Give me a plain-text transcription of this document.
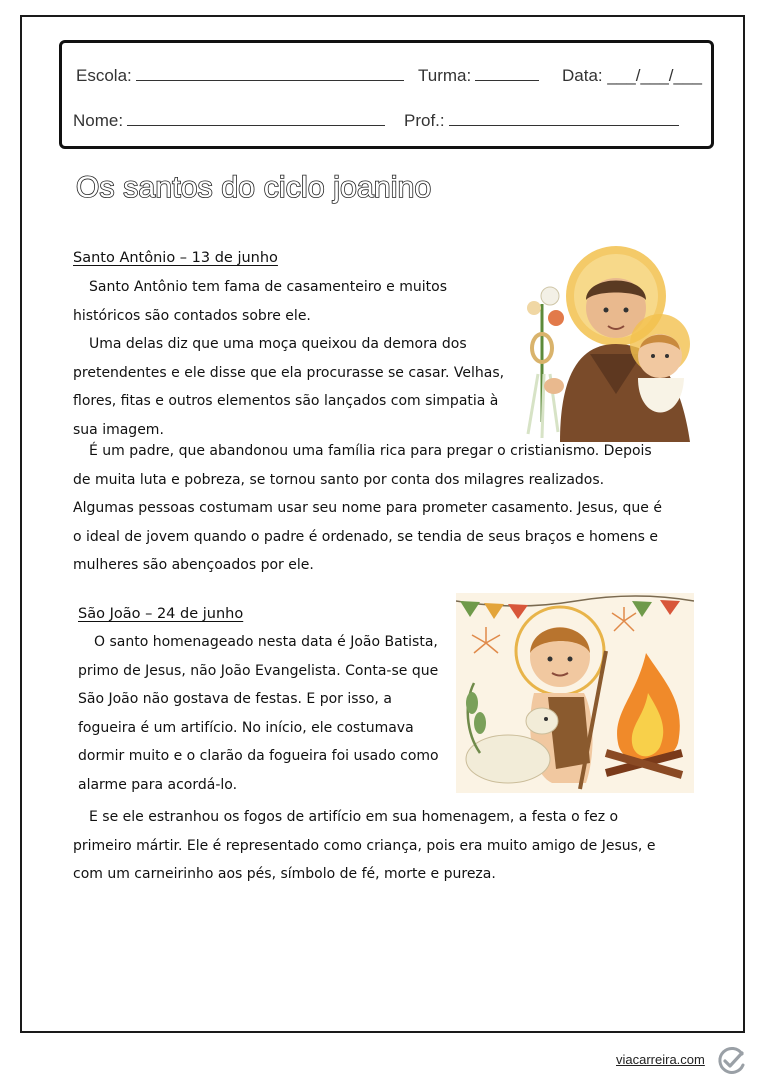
Escola:	Turma:	Data: ___/___/___
Nome:	Prof.:
Os santos do ciclo joanino
Santo Antônio – 13 de junho
Santo Antônio tem fama de casamenteiro e muitos
históricos são contados sobre ele.
Uma delas diz que uma moça queixou da demora dos
pretendentes e ele disse que ela procurasse se casar. Velhas,
flores, fitas e outros elementos são lançados com simpatia à
sua imagem.
É um padre, que abandonou uma família rica para pregar o cristianismo. Depois
de muita luta e pobreza, se tornou santo por conta dos milagres realizados.
Algumas pessoas costumam usar seu nome para prometer casamento. Jesus, que é
o ideal de jovem quando o padre é ordenado, se tendia de seus braços e homens e
mulheres são abençoados por ele.
São João – 24 de junho
O santo homenageado nesta data é João Batista,
primo de Jesus, não João Evangelista. Conta-se que
São João não gostava de festas. E por isso, a
fogueira é um artifício. No início, ele costumava
dormir muito e o clarão da fogueira foi usado como
alarme para acordá-lo.
E se ele estranhou os fogos de artifício em sua homenagem, a festa o fez o
primeiro mártir. Ele é representado como criança, pois era muito amigo de Jesus, e
com um carneirinho aos pés, símbolo de fé, morte e pureza.
viacarreira.com
